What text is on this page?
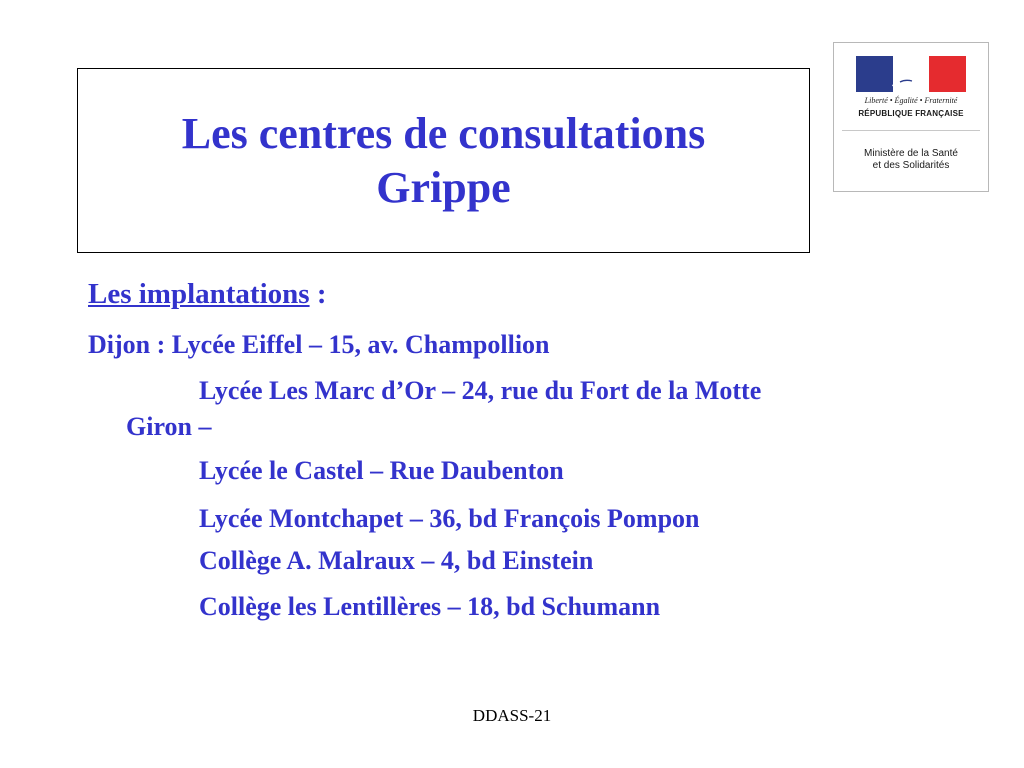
Les centres de consultations
Grippe
Liberté • Égalité • Fraternité
RÉPUBLIQUE FRANÇAISE
Ministère de la Santé
et des Solidarités
Les implantations :
Dijon : Lycée Eiffel – 15, av. Champollion
Lycée Les Marc d’Or – 24, rue du Fort de la Motte
Giron –
Lycée le Castel – Rue Daubenton
Lycée Montchapet – 36, bd François Pompon
Collège A. Malraux – 4, bd Einstein
Collège les Lentillères – 18, bd Schumann
DDASS-21
